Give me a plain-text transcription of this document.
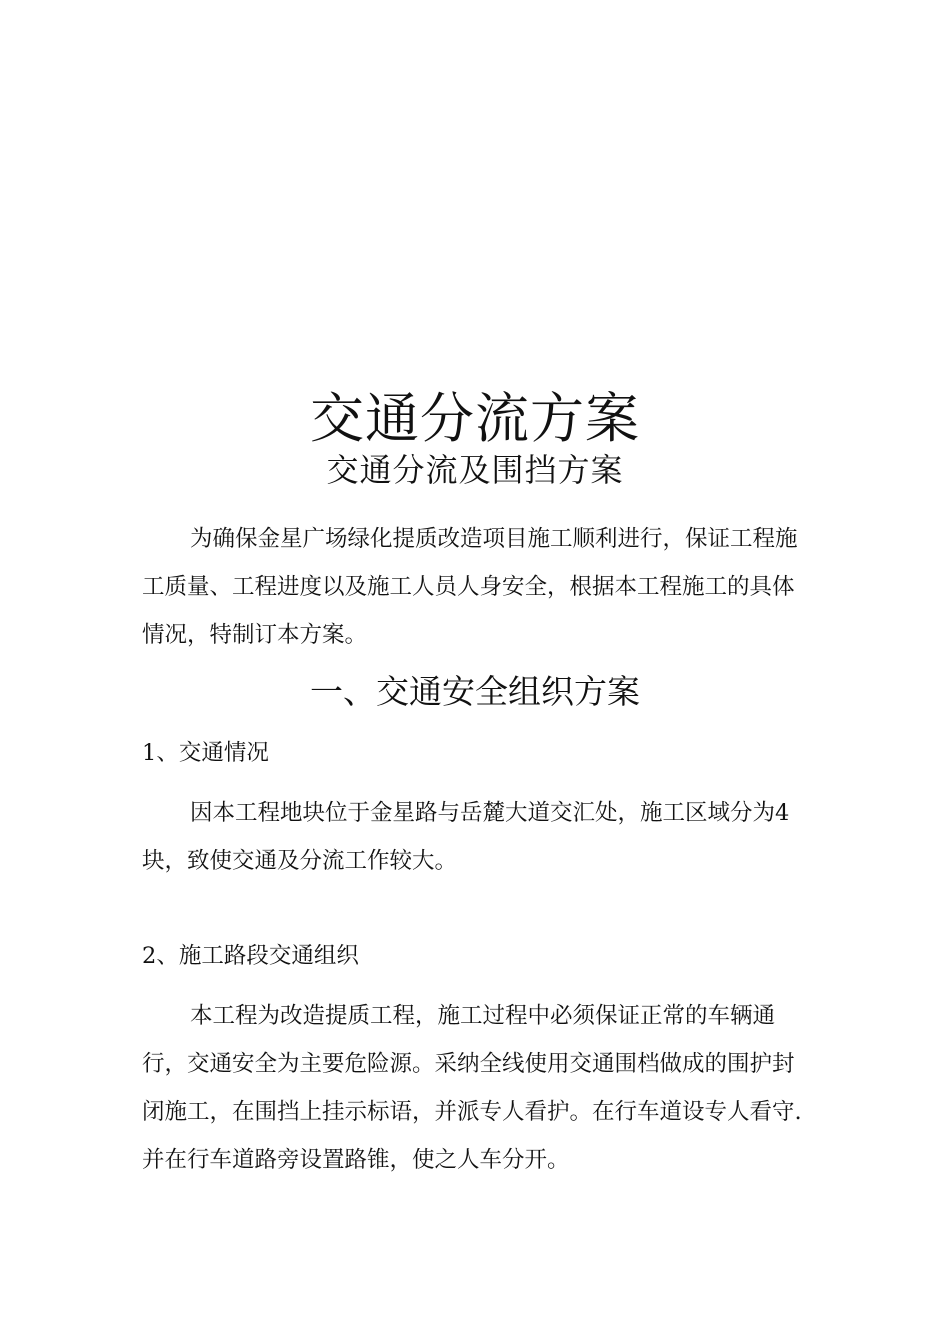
交通分流方案
交通分流及围挡方案
为确保金星广场绿化提质改造项目施工顺利进行，保证工程施工质量、工程进度以及施工人员人身安全，根据本工程施工的具体情况，特制订本方案。
一、交通安全组织方案
1、交通情况
因本工程地块位于金星路与岳麓大道交汇处，施工区域分为4块，致使交通及分流工作较大。
2、施工路段交通组织
本工程为改造提质工程，施工过程中必须保证正常的车辆通行，交通安全为主要危险源。采纳全线使用交通围档做成的围护封闭施工，在围挡上挂示标语，并派专人看护。在行车道设专人看守.并在行车道路旁设置路锥，使之人车分开。
